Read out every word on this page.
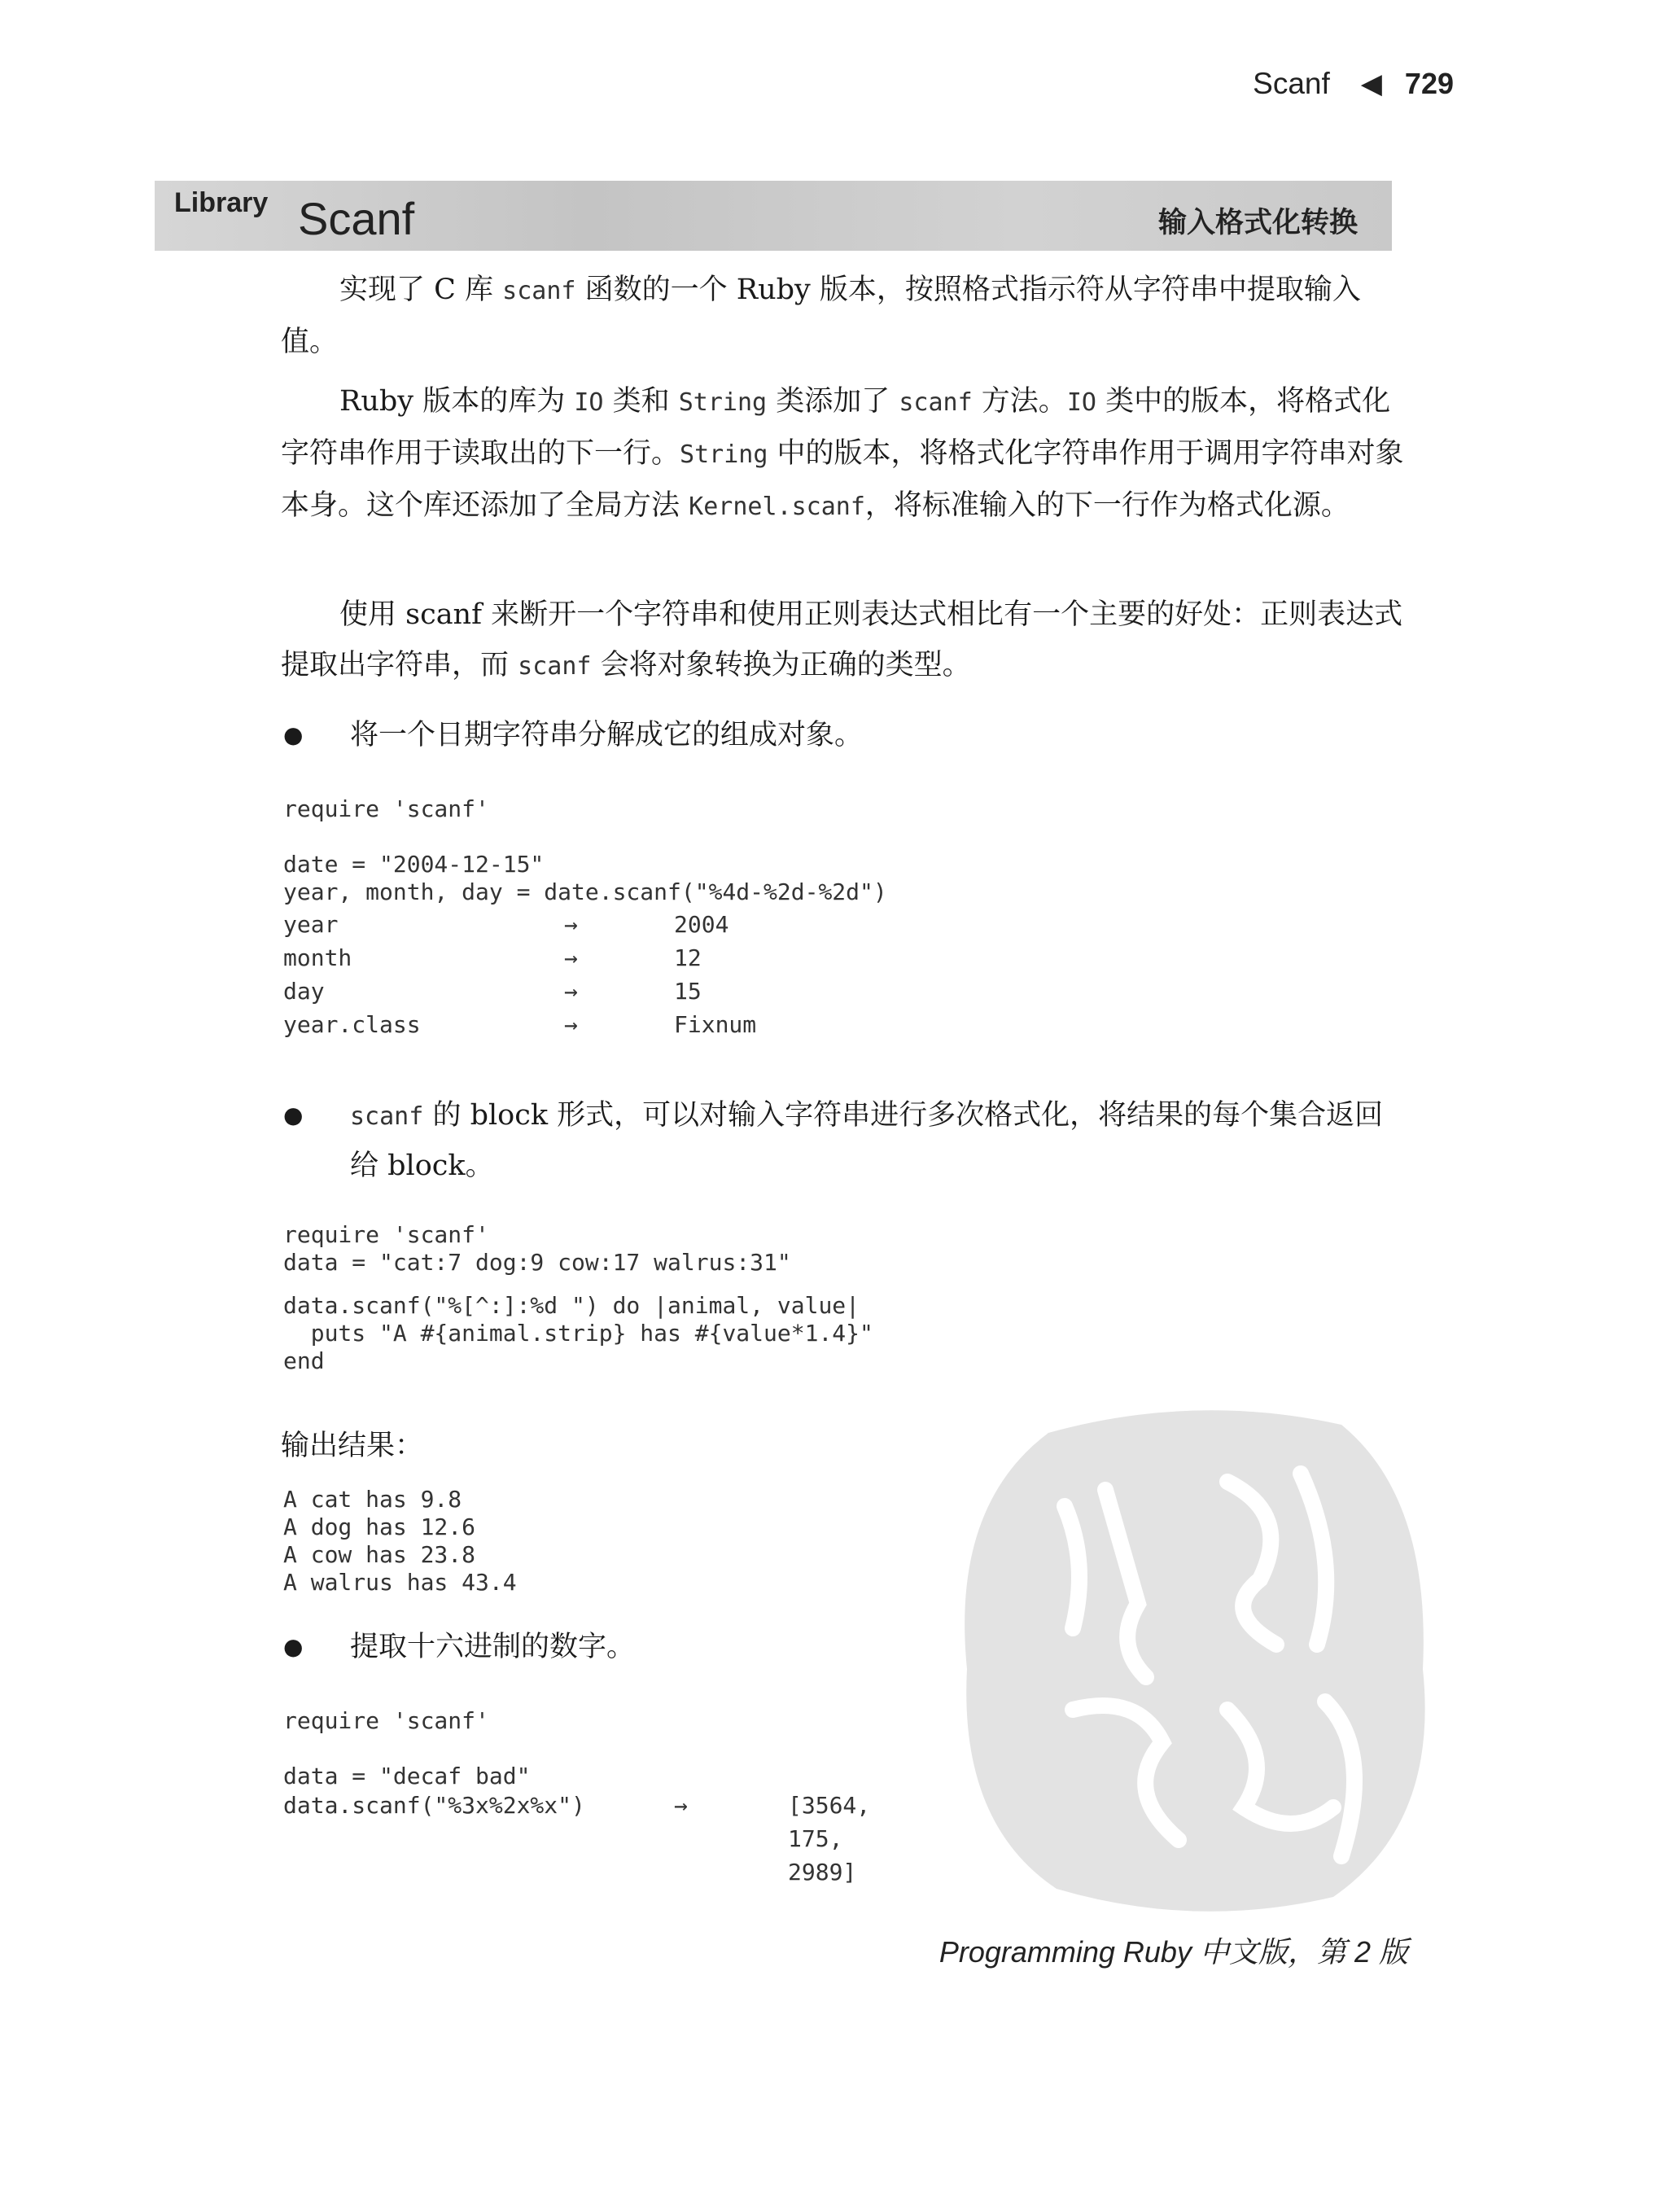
Scanf ◀ 729
Library Scanf	输入格式化转换
实现了 C 库 scanf 函数的一个 Ruby 版本，按照格式指示符从字符串中提取输入值。
Ruby 版本的库为 IO 类和 String 类添加了 scanf 方法。IO 类中的版本，将格式化字符串作用于读取出的下一行。String 中的版本，将格式化字符串作用于调用字符串对象本身。这个库还添加了全局方法 Kernel.scanf，将标准输入的下一行作为格式化源。
使用 scanf 来断开一个字符串和使用正则表达式相比有一个主要的好处：正则表达式提取出字符串，而 scanf 会将对象转换为正确的类型。
● 将一个日期字符串分解成它的组成对象。
require 'scanf'
date = "2004-12-15"
year, month, day = date.scanf("%4d-%2d-%2d")
year	→	2004
month	→	12
day	→	15
year.class	→	Fixnum
● scanf 的 block 形式，可以对输入字符串进行多次格式化，将结果的每个集合返回给 block。
require 'scanf'
data = "cat:7 dog:9 cow:17 walrus:31"
data.scanf("%[^:]:%d ") do |animal, value|
puts "A #{animal.strip} has #{value*1.4}"
end
输出结果：
A cat has 9.8
A dog has 12.6
A cow has 23.8
A walrus has 43.4
● 提取十六进制的数字。
require 'scanf'
data = "decaf bad"
data.scanf("%3x%2x%x")	→	[3564, 175, 2989]
Programming Ruby 中文版，第 2 版
